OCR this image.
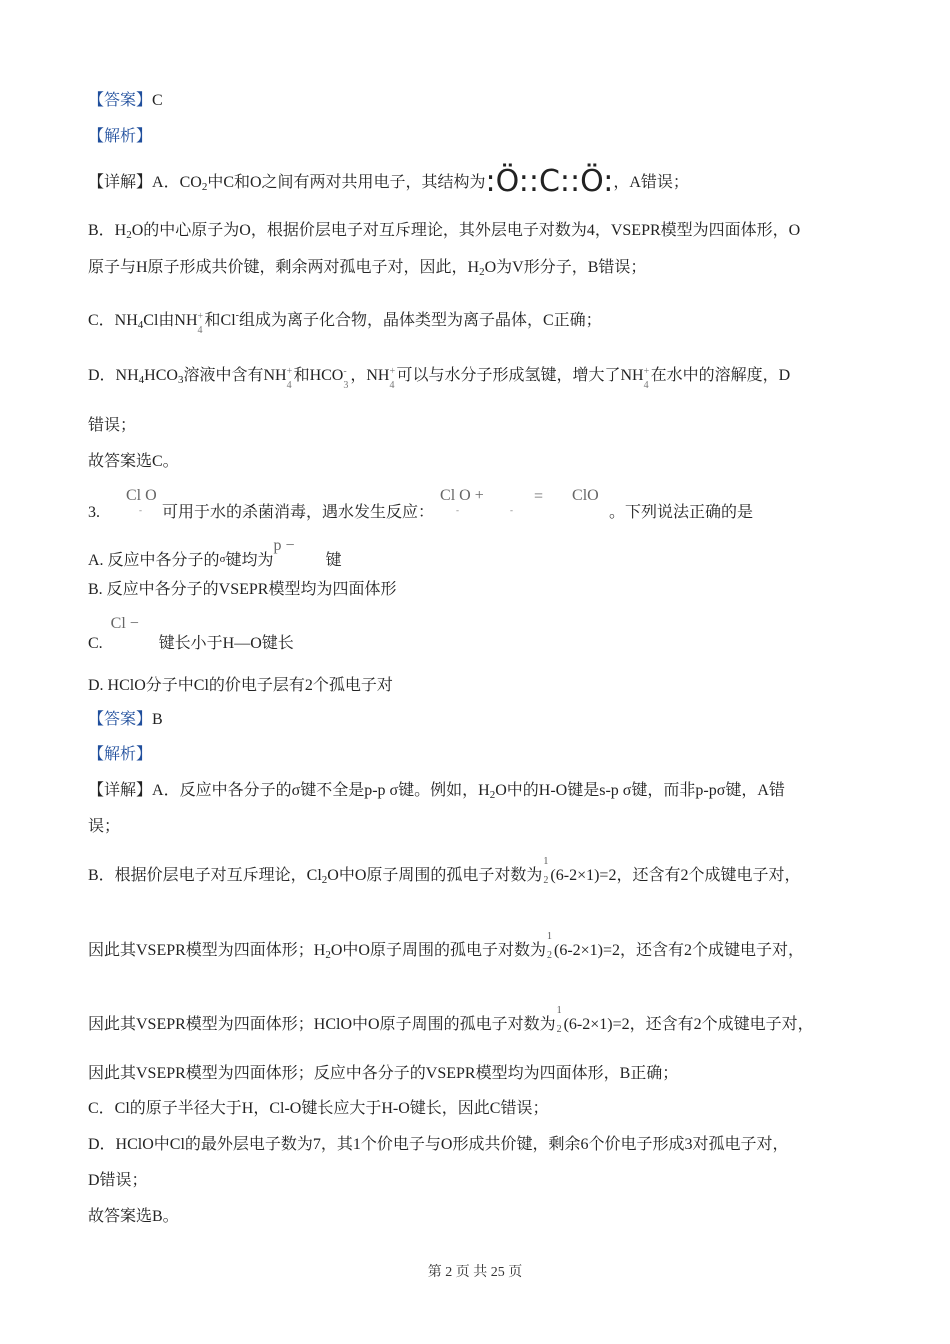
【答案】C
【解析】
【详解】A．$CO_2$中C和O之间有两对共用电子，其结构为:Ö::C::Ö:，A错误；
B．$H_2O$的中心原子为O，根据价层电子对互斥理论，其外层电子对数为4，VSEPR模型为四面体形，O
原子与H原子形成共价键，剩余两对孤电子对，因此，$H_2O$为V形分子，B错误；
C．$NH_4Cl$由NH +
4
和Cl-组成为离子化合物，晶体类型为离子晶体，C正确；
D．$NH_4HCO_3$溶液中含有NH +
4
和HCO -
3
，NH +
4
可以与水分子形成氢键，增大了NH +
4
在水中的溶解度，D
错误；
故答案选C。
3.
Cl O
- 可用于水的杀菌消毒，遇水发生反应：
Cl O +
-	-
= ClO
。下列说法正确的是
A. 反应中各分子的σ键均为
p −
键
B. 反应中各分子的VSEPR模型均为四面体形
C.
Cl −
键长小于H—O键长
D. HClO分子中Cl的价电子层有2个孤电子对
【答案】B
【解析】
【详解】A．反应中各分子的σ键不全是p-p σ键。例如，$H_2O$中的H-O键是s-p σ键，而非p-pσ键，A错
误；
B．根据价层电子对互斥理论，$Cl_2O$中O原子周围的孤电子对数为
1
2 (6-2×1)=2，还含有2个成键电子对，
因此其VSEPR模型为四面体形；$H_2O$中O原子周围的孤电子对数为
1
2 (6-2×1)=2，还含有2个成键电子对，
因此其VSEPR模型为四面体形；HClO中O原子周围的孤电子对数为
1
2 (6-2×1)=2，还含有2个成键电子对，
因此其VSEPR模型为四面体形；反应中各分子的VSEPR模型均为四面体形，B正确；
C．Cl的原子半径大于H，Cl-O键长应大于H-O键长，因此C错误；
D．HClO中Cl的最外层电子数为7，其1个价电子与O形成共价键，剩余6个价电子形成3对孤电子对，
D错误；
故答案选B。
第 2 页 共 25 页
